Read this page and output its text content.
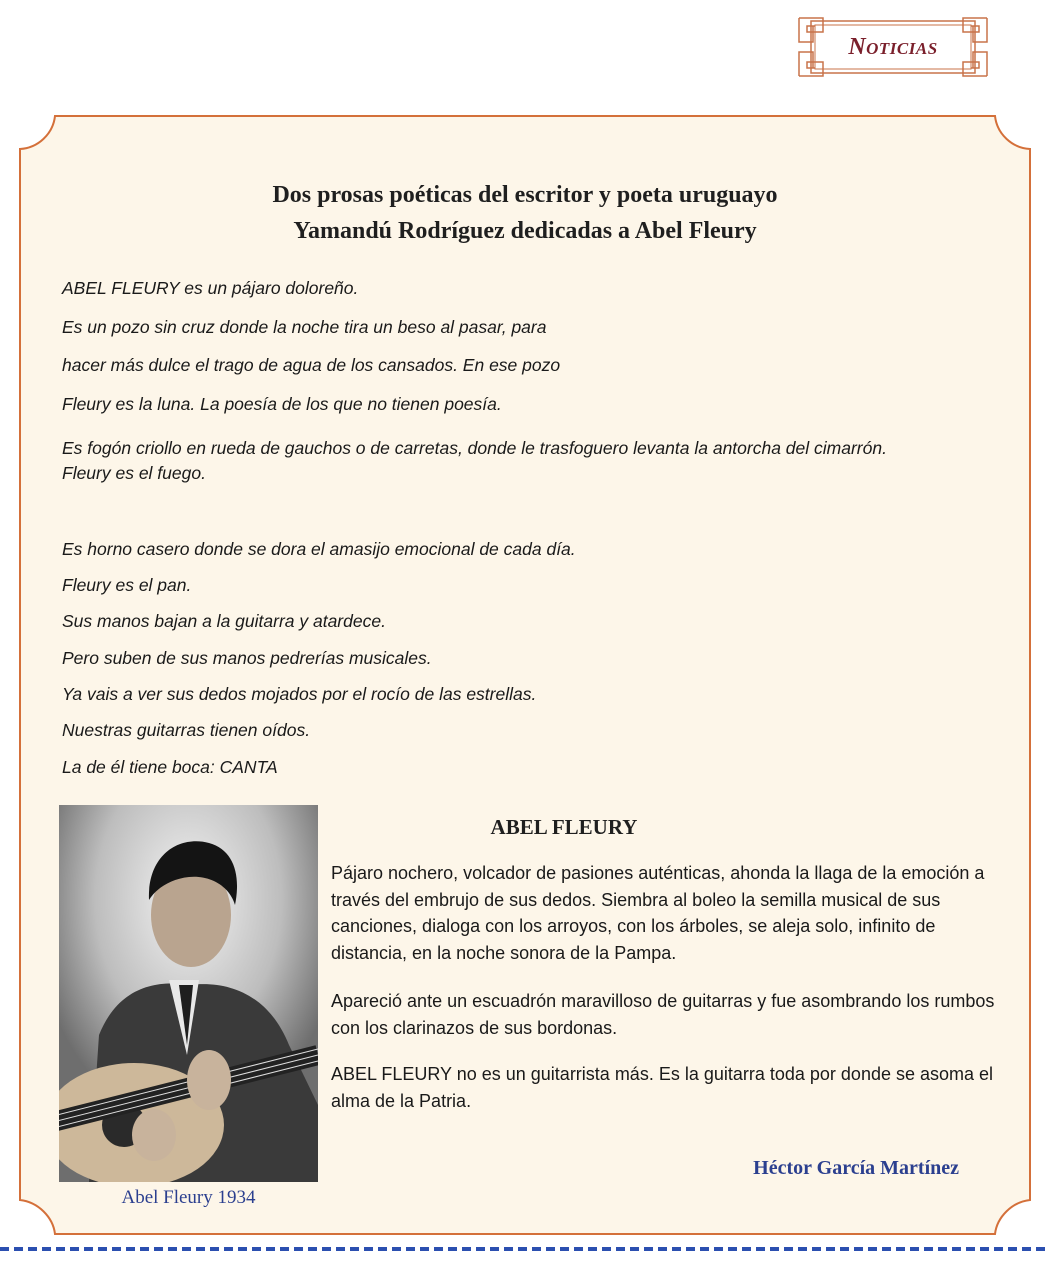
Noticias
Dos prosas poéticas del escritor y poeta uruguayo
Yamandú Rodríguez dedicadas a Abel Fleury
ABEL FLEURY es un pájaro doloreño.
Es un pozo sin cruz donde la noche tira un beso al pasar, para
hacer más dulce el trago de agua de los cansados. En ese pozo
Fleury es la luna. La poesía de los que no tienen poesía.
Es fogón criollo en rueda de gauchos o de carretas, donde le trasfoguero levanta la antorcha del cimarrón.
Fleury es el fuego.
Es horno casero donde se dora el amasijo emocional de cada día.
Fleury es el pan.
Sus manos bajan a la guitarra y atardece.
Pero suben de sus manos pedrerías musicales.
Ya vais a ver sus dedos mojados por el rocío de las estrellas.
Nuestras guitarras tienen oídos.
La de él tiene boca: CANTA
Abel Fleury 1934
ABEL FLEURY
Pájaro nochero, volcador de pasiones auténticas, ahonda la llaga de la emoción a través del embrujo de sus dedos. Siembra al boleo la semilla musical de sus canciones, dialoga con los arroyos, con los árboles, se aleja solo, infinito de distancia, en la noche sonora de la Pampa.
Apareció ante un escuadrón maravilloso de guitarras y fue asombrando los rumbos con los clarinazos de sus bordonas.
ABEL FLEURY no es un guitarrista más. Es la guitarra toda por donde se asoma el alma de la Patria.
Héctor García Martínez
